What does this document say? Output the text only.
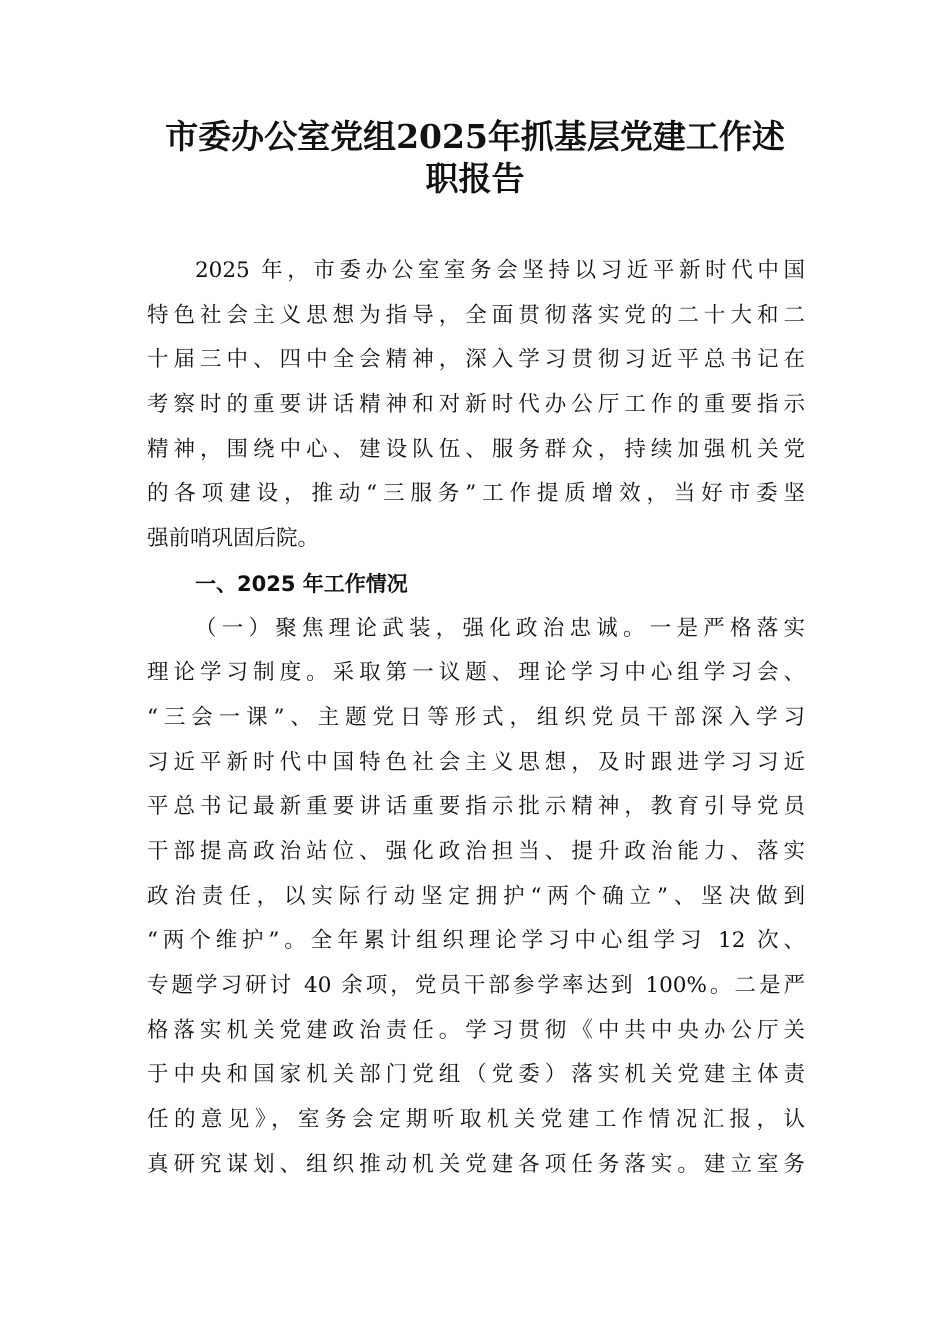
市委办公室党组2025年抓基层党建工作述
职报告
2025 年，市委办公室室务会坚持以习近平新时代中国
特色社会主义思想为指导，全面贯彻落实党的二十大和二
十届三中、四中全会精神，深入学习贯彻习近平总书记在
考察时的重要讲话精神和对新时代办公厅工作的重要指示
精神，围绕中心、建设队伍、服务群众，持续加强机关党
的各项建设，推动“三服务”工作提质增效，当好市委坚
强前哨巩固后院。
一、2025 年工作情况
（一）聚焦理论武装，强化政治忠诚。一是严格落实
理论学习制度。采取第一议题、理论学习中心组学习会、
“三会一课”、主题党日等形式，组织党员干部深入学习
习近平新时代中国特色社会主义思想，及时跟进学习习近
平总书记最新重要讲话重要指示批示精神，教育引导党员
干部提高政治站位、强化政治担当、提升政治能力、落实
政治责任，以实际行动坚定拥护“两个确立”、坚决做到
“两个维护”。全年累计组织理论学习中心组学习 12 次、
专题学习研讨 40 余项，党员干部参学率达到 100%。二是严
格落实机关党建政治责任。学习贯彻《中共中央办公厅关
于中央和国家机关部门党组（党委）落实机关党建主体责
任的意见》，室务会定期听取机关党建工作情况汇报，认
真研究谋划、组织推动机关党建各项任务落实。建立室务
